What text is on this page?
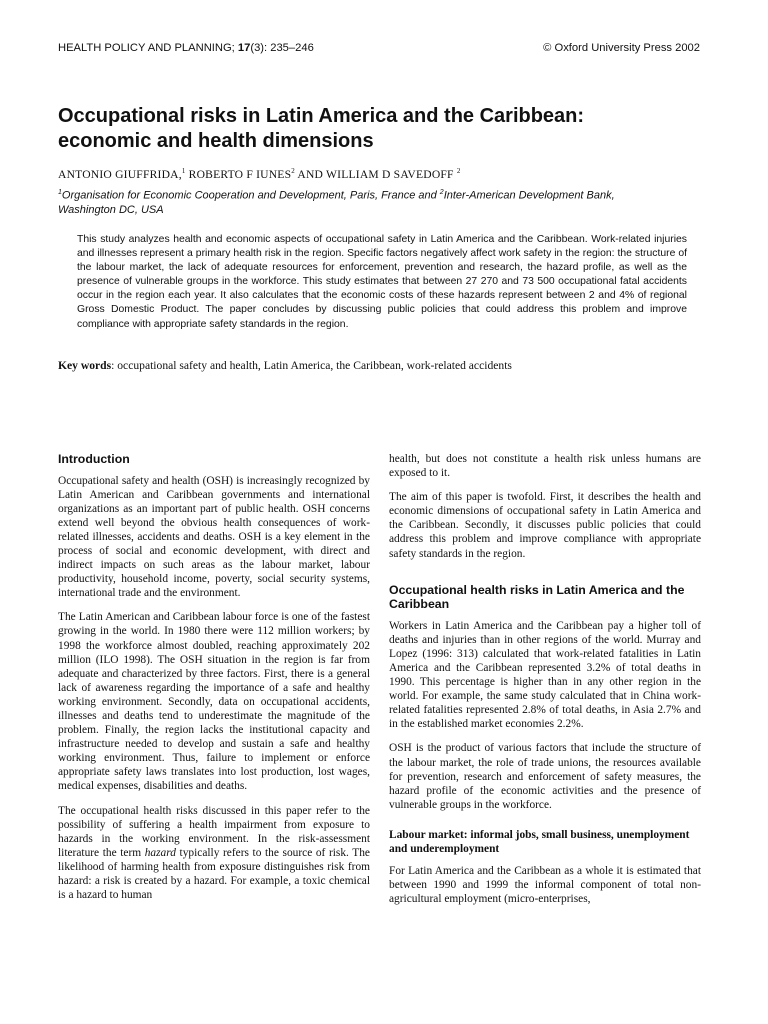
HEALTH POLICY AND PLANNING; 17(3): 235–246	© Oxford University Press 2002
Occupational risks in Latin America and the Caribbean:
economic and health dimensions
ANTONIO GIUFFRIDA,$^1$ ROBERTO F IUNES$^2$ AND WILLIAM D SAVEDOFF $^2$
$^1$Organisation for Economic Cooperation and Development, Paris, France and $^2$Inter-American Development Bank,
Washington DC, USA

This study analyzes health and economic aspects of occupational safety in Latin America and the Caribbean. Work-related injuries and illnesses represent a primary health risk in the region. Specific factors negatively affect work safety in the region: the structure of the labour market, the lack of adequate resources for enforcement, prevention and research, the hazard profile, as well as the presence of vulnerable groups in the workforce. This study estimates that between 27 270 and 73 500 occupational fatal accidents occur in the region each year. It also calculates that the economic costs of these hazards represent between 2 and 4% of regional Gross Domestic Product. The paper concludes by discussing public policies that could address this problem and improve compliance with appropriate safety standards in the region.

Key words: occupational safety and health, Latin America, the Caribbean, work-related accidents
Introduction

Occupational safety and health (OSH) is increasingly recognized by Latin American and Caribbean governments and international organizations as an important part of public health. OSH concerns extend well beyond the obvious health consequences of work-related illnesses, accidents and deaths. OSH is a key element in the process of social and economic development, with direct and indirect impacts on such areas as the labour market, labour productivity, household income, poverty, social security systems, international trade and the environment.

The Latin American and Caribbean labour force is one of the fastest growing in the world. In 1980 there were 112 million workers; by 1998 the workforce almost doubled, reaching approximately 202 million (ILO 1998). The OSH situation in the region is far from adequate and characterized by three factors. First, there is a general lack of awareness regarding the importance of a safe and healthy working environment. Secondly, data on occupational accidents, illnesses and deaths tend to underestimate the magnitude of the problem. Finally, the region lacks the institutional capacity and infrastructure needed to develop and sustain a safe and healthy working environment. Thus, failure to implement or enforce appropriate safety laws translates into lost production, lost wages, medical expenses, disabilities and deaths.

The occupational health risks discussed in this paper refer to the possibility of suffering a health impairment from exposure to hazards in the working environment. In the risk-assessment literature the term hazard typically refers to the source of risk. The likelihood of harming health from exposure distinguishes risk from hazard: a risk is created by a hazard. For example, a toxic chemical is a hazard to human

health, but does not constitute a health risk unless humans are exposed to it.

The aim of this paper is twofold. First, it describes the health and economic dimensions of occupational safety in Latin America and the Caribbean. Secondly, it discusses public policies that could address this problem and improve compliance with appropriate safety standards in the region.

Occupational health risks in Latin America and the Caribbean

Workers in Latin America and the Caribbean pay a higher toll of deaths and injuries than in other regions of the world. Murray and Lopez (1996: 313) calculated that work-related fatalities in Latin America and the Caribbean represented 3.2% of total deaths in 1990. This percentage is higher than in any other region in the world. For example, the same study calculated that in China work-related fatalities represented 2.8% of total deaths, in Asia 2.7% and in the established market economies 2.2%.

OSH is the product of various factors that include the structure of the labour market, the role of trade unions, the resources available for prevention, research and enforcement of safety measures, the hazard profile of the economic activities and the presence of vulnerable groups in the workforce.

Labour market: informal jobs, small business, unemployment and underemployment

For Latin America and the Caribbean as a whole it is estimated that between 1990 and 1999 the informal component of total non-agricultural employment (micro-enterprises,
